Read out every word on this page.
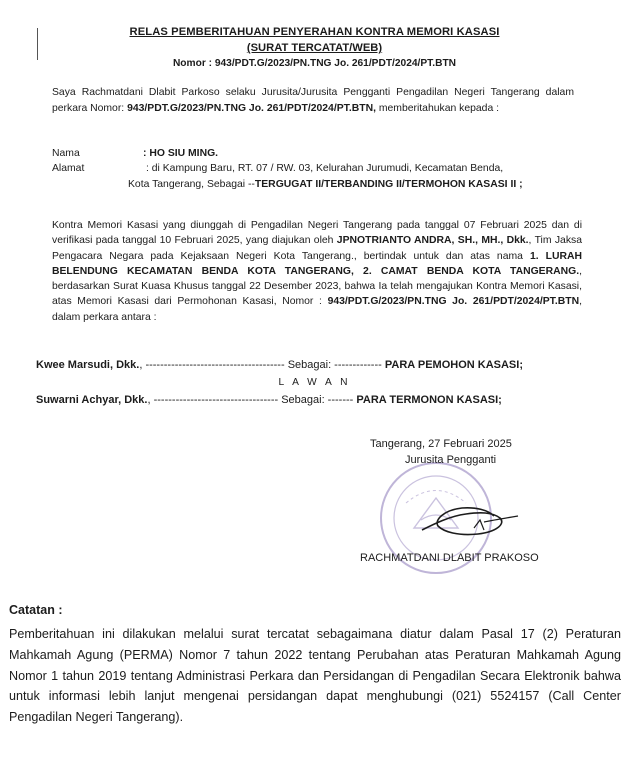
RELAS PEMBERITAHUAN PENYERAHAN KONTRA MEMORI KASASI
(SURAT TERCATAT/WEB)
Nomor : 943/PDT.G/2023/PN.TNG Jo. 261/PDT/2024/PT.BTN
Saya Rachmatdani Dlabit Parkoso selaku Jurusita/Jurusita Pengganti Pengadilan Negeri Tangerang dalam perkara Nomor: 943/PDT.G/2023/PN.TNG Jo. 261/PDT/2024/PT.BTN, memberitahukan kepada :
Nama	: HO SIU MING.
Alamat	: di Kampung Baru, RT. 07 / RW. 03, Kelurahan Jurumudi, Kecamatan Benda,
Kota Tangerang, Sebagai --TERGUGAT II/TERBANDING II/TERMOHON KASASI II ;
Kontra Memori Kasasi yang diunggah di Pengadilan Negeri Tangerang pada tanggal 07 Februari 2025 dan di verifikasi pada tanggal 10 Februari 2025, yang diajukan oleh JPNOTRIANTO ANDRA, SH., MH., Dkk., Tim Jaksa Pengacara Negara pada Kejaksaan Negeri Kota Tangerang., bertindak untuk dan atas nama 1. LURAH BELENDUNG KECAMATAN BENDA KOTA TANGERANG, 2. CAMAT BENDA KOTA TANGERANG., berdasarkan Surat Kuasa Khusus tanggal 22 Desember 2023, bahwa Ia telah mengajukan Kontra Memori Kasasi, atas Memori Kasasi dari Permohonan Kasasi, Nomor : 943/PDT.G/2023/PN.TNG Jo. 261/PDT/2024/PT.BTN, dalam perkara antara :
Kwee Marsudi, Dkk., -------------------------------------- Sebagai: ------------- PARA PEMOHON KASASI;
L A W A N
Suwarni Achyar, Dkk., ---------------------------------- Sebagai: ------- PARA TERMONON KASASI;
Tangerang, 27 Februari 2025
Jurusita Pengganti
RACHMATDANI DLABIT PRAKOSO
Catatan :
Pemberitahuan ini dilakukan melalui surat tercatat sebagaimana diatur dalam Pasal 17 (2) Peraturan Mahkamah Agung (PERMA) Nomor 7 tahun 2022 tentang Perubahan atas Peraturan Mahkamah Agung Nomor 1 tahun 2019 tentang Administrasi Perkara dan Persidangan di Pengadilan Secara Elektronik bahwa untuk informasi lebih lanjut mengenai persidangan dapat menghubungi (021) 5524157 (Call Center Pengadilan Negeri Tangerang).
